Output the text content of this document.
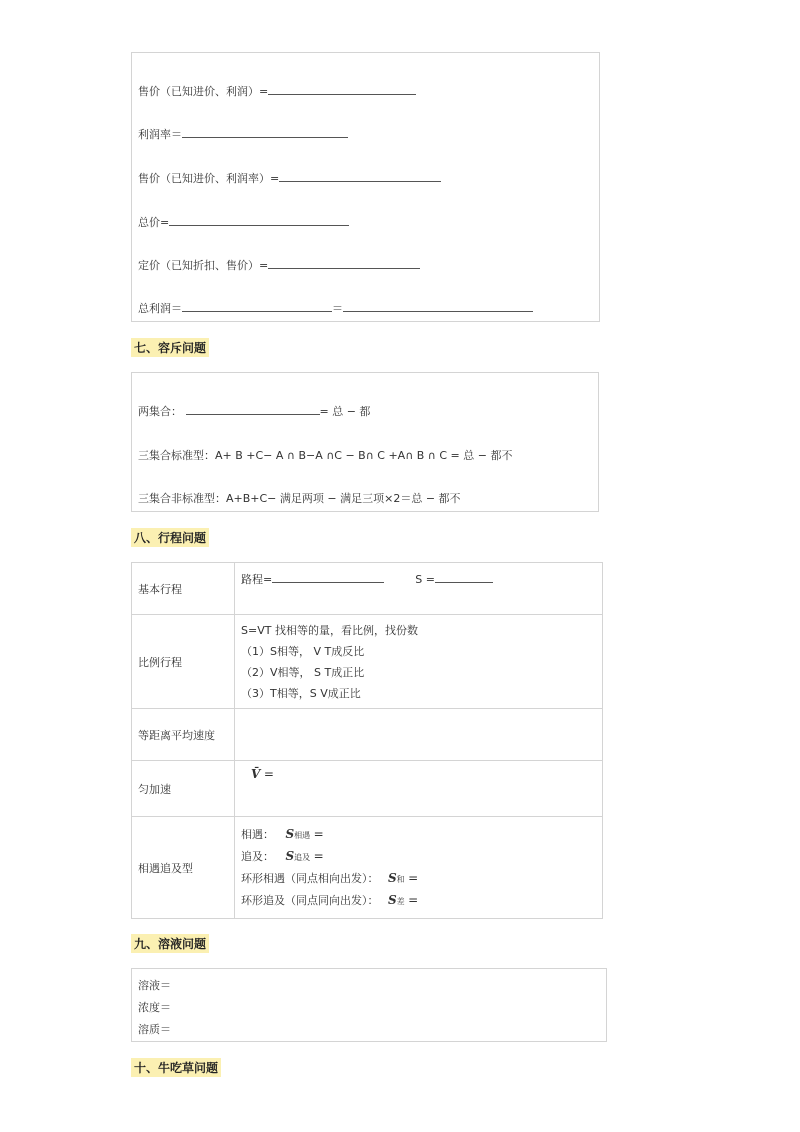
售价（已知进价、利润）=
利润率＝
售价（已知进价、利润率）=
总价=
定价（已知折扣、售价）=
总利润＝	＝
七、容斥问题
两集合：	= 总 − 都
三集合标准型：A+ B +C− A ∩ B−A ∩C − B∩ C +A∩ B ∩ C = 总 − 都不
三集合非标准型：A+B+C− 满足两项 − 满足三项×2＝总 − 都不
八、行程问题
基本行程	路程= S =
比例行程	S=VT 找相等的量，看比例，找份数
（1）S相等， V T成反比
（2）V相等， S T成正比
（3）T相等，S V成正比

等距离平均速度	
匀加速	V̄ =
相遇追及型	相遇： S相遇 =
追及： S追及 =
环形相遇（同点相向出发）： S和 =
环形追及（同点同向出发）： S差 =
九、溶液问题
溶液＝
浓度＝
溶质＝
十、牛吃草问题
